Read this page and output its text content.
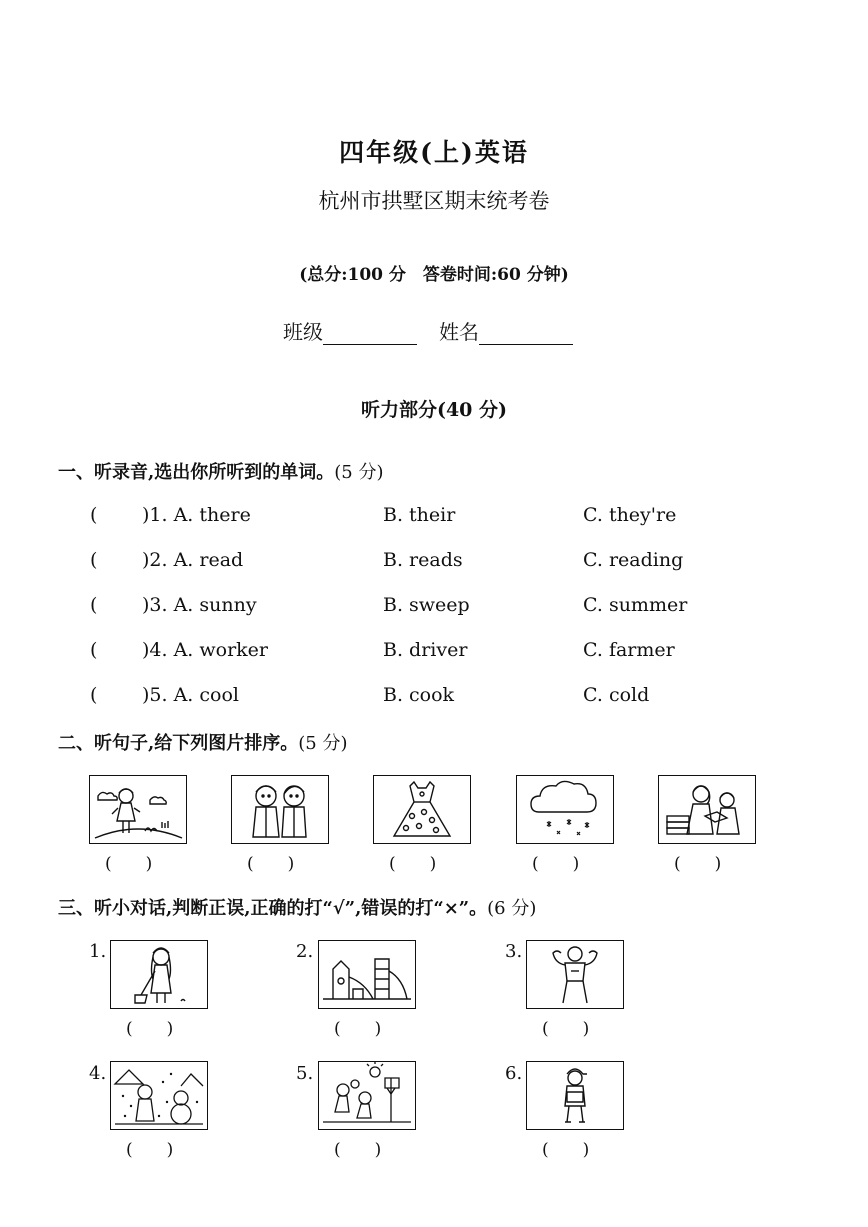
四年级(上)英语
杭州市拱墅区期末统考卷
(总分:100 分　答卷时间:60 分钟)
班级	姓名
听力部分(40 分)
一、听录音,选出你所听到的单词。(5 分)
( )1. A. there	B. their	C. they're
( )2. A. read	B. reads	C. reading
( )3. A. sunny	B. sweep	C. summer
( )4. A. worker	B. driver	C. farmer
( )5. A. cool	B. cook	C. cold
二、听句子,给下列图片排序。(5 分)
(　　)	(　　)	(　　)	(　　)	(　　)
三、听小对话,判断正误,正确的打“√”,错误的打“×”。(6 分)
1.
(　　)
2.
(　　)
3.
(　　)
4.
(　　)
5.
(　　)
6.
(　　)
